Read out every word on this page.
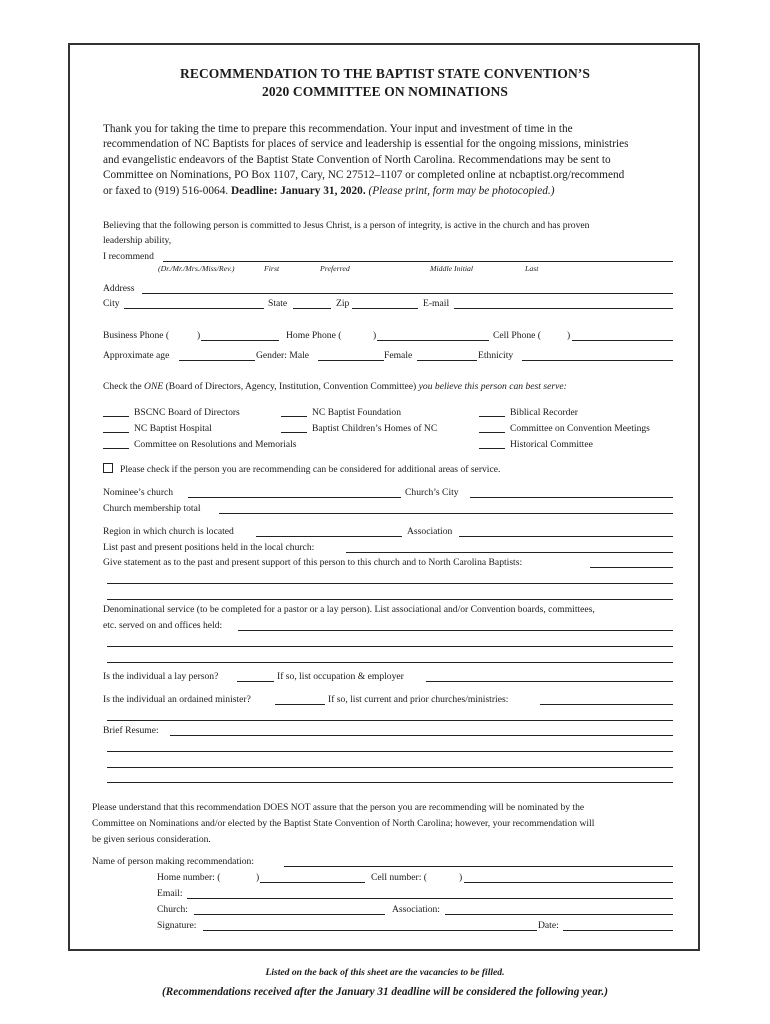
RECOMMENDATION TO THE BAPTIST STATE CONVENTION’S
2020 COMMITTEE ON NOMINATIONS
Thank you for taking the time to prepare this recommendation. Your input and investment of time in the
recommendation of NC Baptists for places of service and leadership is essential for the ongoing missions, ministries
and evangelistic endeavors of the Baptist State Convention of North Carolina. Recommendations may be sent to
Committee on Nominations, PO Box 1107, Cary, NC 27512–1107 or completed online at ncbaptist.org/recommend
or faxed to (919) 516-0064. Deadline: January 31, 2020. (Please print, form may be photocopied.)
Believing that the following person is committed to Jesus Christ, is a person of integrity, is active in the church and has proven
leadership ability,
I recommend
(Dr./Mr./Mrs./Miss/Rev.)	First	Preferred	Middle Initial	Last
Address
City	State	Zip	E-mail
Business Phone (	)	Home Phone (	)	Cell Phone (	)
Approximate age	Gender: Male	Female	Ethnicity
Check the ONE (Board of Directors, Agency, Institution, Convention Committee) you believe this person can best serve:
BSCNC Board of Directors	NC Baptist Foundation	Biblical Recorder
NC Baptist Hospital	Baptist Children’s Homes of NC	Committee on Convention Meetings
Committee on Resolutions and Memorials	Historical Committee
Please check if the person you are recommending can be considered for additional areas of service.
Nominee’s church	Church’s City
Church membership total
Region in which church is located	Association
List past and present positions held in the local church:
Give statement as to the past and present support of this person to this church and to North Carolina Baptists:
Denominational service (to be completed for a pastor or a lay person). List associational and/or Convention boards, committees,
etc. served on and offices held:
Is the individual a lay person?	If so, list occupation & employer
Is the individual an ordained minister?	If so, list current and prior churches/ministries:
Brief Resume:
Please understand that this recommendation DOES NOT assure that the person you are recommending will be nominated by the
Committee on Nominations and/or elected by the Baptist State Convention of North Carolina; however, your recommendation will
be given serious consideration.
Name of person making recommendation:
Home number: (	)	Cell number: (	)
Email:
Church:	Association:
Signature:	Date:
Listed on the back of this sheet are the vacancies to be filled.
(Recommendations received after the January 31 deadline will be considered the following year.)
